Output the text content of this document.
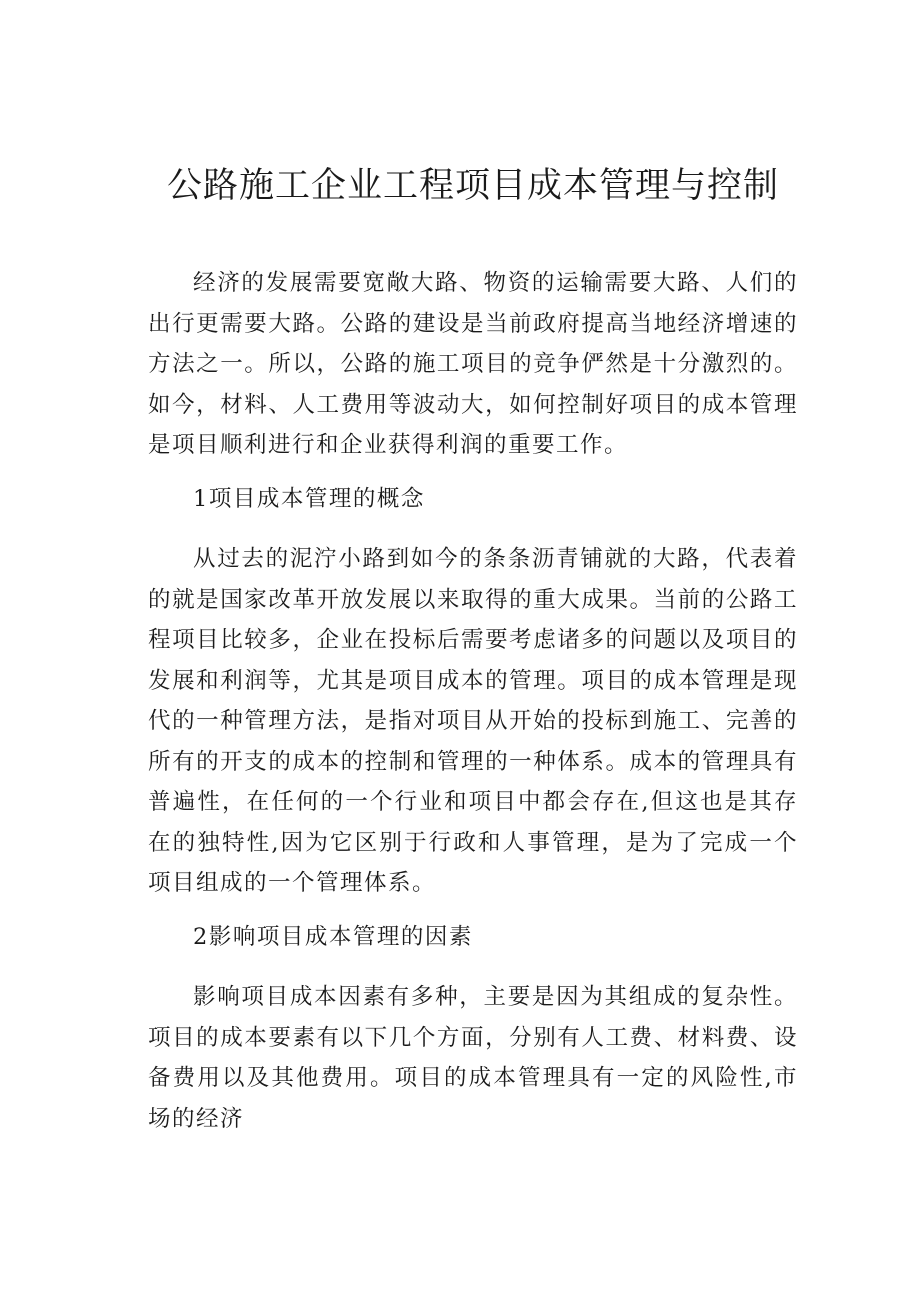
公路施工企业工程项目成本管理与控制

经济的发展需要宽敞大路、物资的运输需要大路、人们的出行更需要大路。公路的建设是当前政府提高当地经济增速的方法之一。所以，公路的施工项目的竞争俨然是十分激烈的。如今，材料、人工费用等波动大，如何控制好项目的成本管理是项目顺利进行和企业获得利润的重要工作。

1项目成本管理的概念

从过去的泥泞小路到如今的条条沥青铺就的大路，代表着的就是国家改革开放发展以来取得的重大成果。当前的公路工程项目比较多，企业在投标后需要考虑诸多的问题以及项目的发展和利润等，尤其是项目成本的管理。项目的成本管理是现代的一种管理方法，是指对项目从开始的投标到施工、完善的所有的开支的成本的控制和管理的一种体系。成本的管理具有普遍性，在任何的一个行业和项目中都会存在,但这也是其存在的独特性,因为它区别于行政和人事管理，是为了完成一个项目组成的一个管理体系。

2影响项目成本管理的因素

影响项目成本因素有多种，主要是因为其组成的复杂性。项目的成本要素有以下几个方面，分别有人工费、材料费、设备费用以及其他费用。项目的成本管理具有一定的风险性,市场的经济
